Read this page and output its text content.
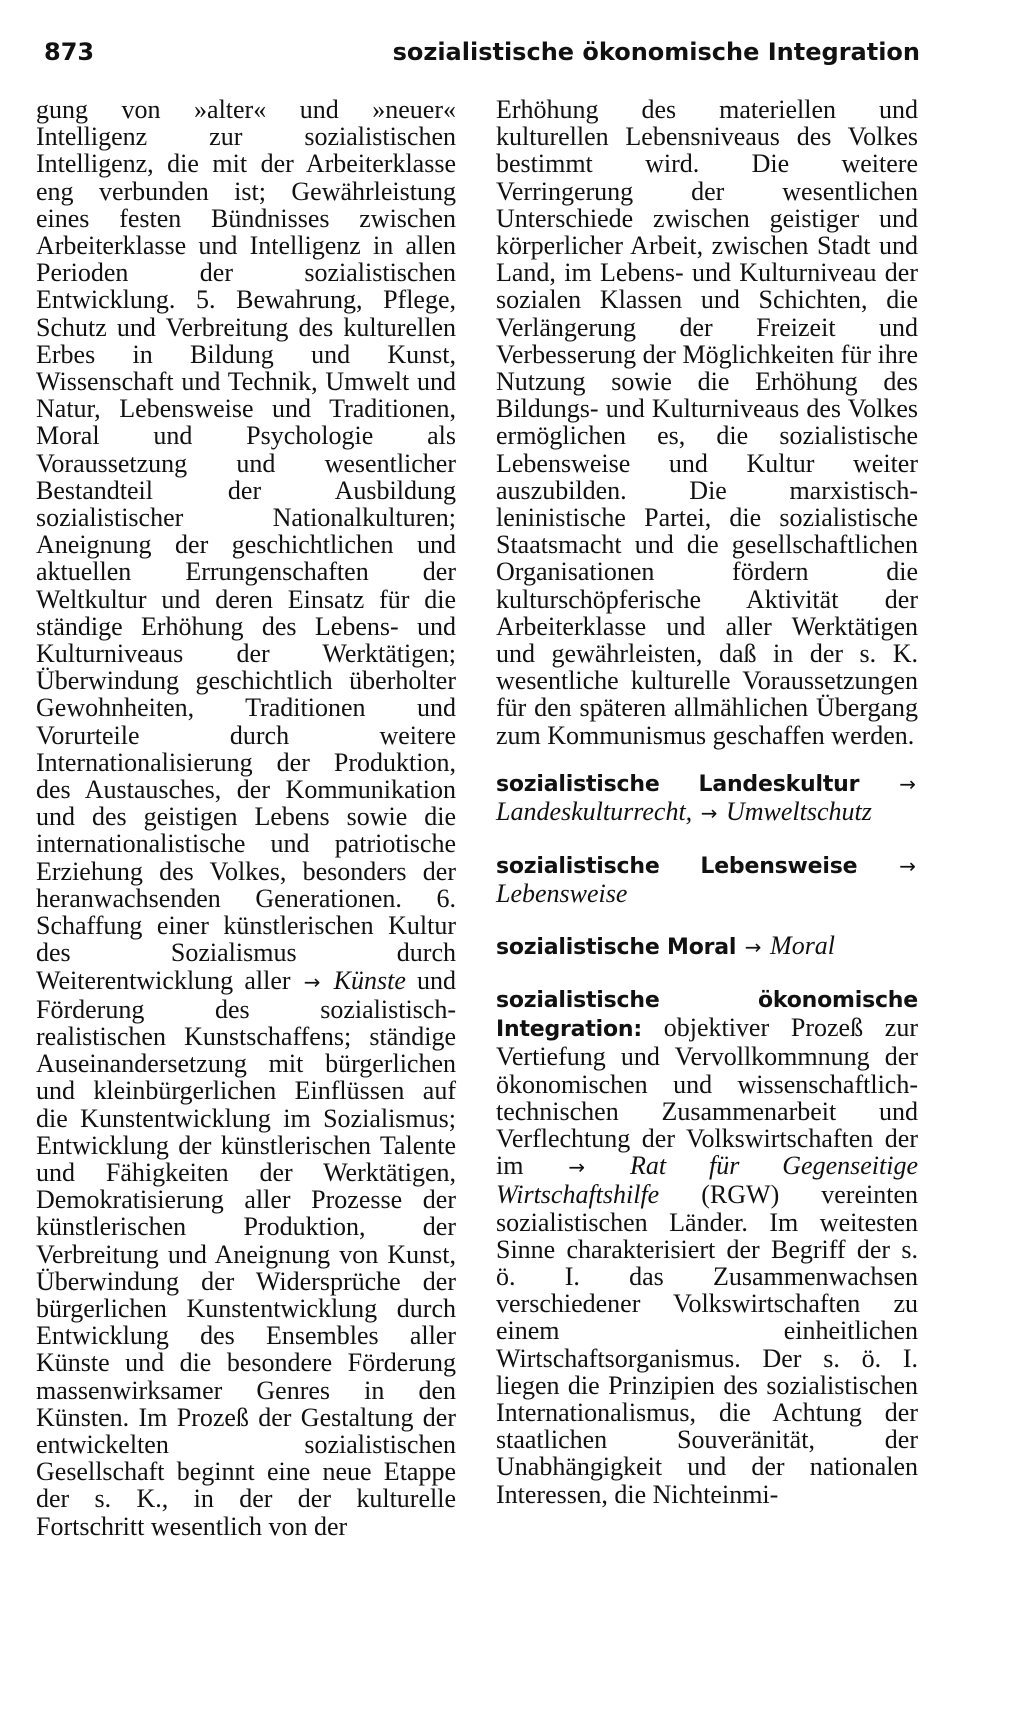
873	sozialistische ökonomische Integration

gung von »alter« und »neuer« Intelligenz zur sozialistischen Intelligenz, die mit der Arbeiterklasse eng verbunden ist; Gewährleistung eines festen Bündnisses zwischen Arbeiterklasse und Intelligenz in allen Perioden der sozialistischen Entwicklung. 5. Bewahrung, Pflege, Schutz und Verbreitung des kulturellen Erbes in Bildung und Kunst, Wissenschaft und Technik, Umwelt und Natur, Lebensweise und Traditionen, Moral und Psychologie als Voraussetzung und wesentlicher Bestandteil der Ausbildung sozialistischer Nationalkulturen; Aneignung der geschichtlichen und aktuellen Errungenschaften der Weltkultur und deren Einsatz für die ständige Erhöhung des Lebens- und Kulturniveaus der Werktätigen; Überwindung geschichtlich überholter Gewohnheiten, Traditionen und Vorurteile durch weitere Internationalisierung der Produktion, des Austausches, der Kommunikation und des geistigen Lebens sowie die internationalistische und patriotische Erziehung des Volkes, besonders der heranwachsenden Generationen. 6. Schaffung einer künstlerischen Kultur des Sozialismus durch Weiterentwicklung aller → Künste und Förderung des sozialistisch-realistischen Kunstschaffens; ständige Auseinandersetzung mit bürgerlichen und kleinbürgerlichen Einflüssen auf die Kunstentwicklung im Sozialismus; Entwicklung der künstlerischen Talente und Fähigkeiten der Werktätigen, Demokratisierung aller Prozesse der künstlerischen Produktion, der Verbreitung und Aneignung von Kunst, Überwindung der Widersprüche der bürgerlichen Kunstentwicklung durch Entwicklung des Ensembles aller Künste und die besondere Förderung massenwirksamer Genres in den Künsten. Im Prozeß der Gestaltung der entwickelten sozialistischen Gesellschaft beginnt eine neue Etappe der s. K., in der der kulturelle Fortschritt wesentlich von der

Erhöhung des materiellen und kulturellen Lebensniveaus des Volkes bestimmt wird. Die weitere Verringerung der wesentlichen Unterschiede zwischen geistiger und körperlicher Arbeit, zwischen Stadt und Land, im Lebens- und Kulturniveau der sozialen Klassen und Schichten, die Verlängerung der Freizeit und Verbesserung der Möglichkeiten für ihre Nutzung sowie die Erhöhung des Bildungs- und Kulturniveaus des Volkes ermöglichen es, die sozialistische Lebensweise und Kultur weiter auszubilden. Die marxistisch-leninistische Partei, die sozialistische Staatsmacht und die gesellschaftlichen Organisationen fördern die kulturschöpferische Aktivität der Arbeiterklasse und aller Werktätigen und gewährleisten, daß in der s. K. wesentliche kulturelle Voraussetzungen für den späteren allmählichen Übergang zum Kommunismus geschaffen werden.

sozialistische Landeskultur → Landeskulturrecht, → Umweltschutz

sozialistische Lebensweise → Lebensweise

sozialistische Moral → Moral

sozialistische ökonomische Integration: objektiver Prozeß zur Vertiefung und Vervollkommnung der ökonomischen und wissenschaftlich-technischen Zusammenarbeit und Verflechtung der Volkswirtschaften der im → Rat für Gegenseitige Wirtschaftshilfe (RGW) vereinten sozialistischen Länder. Im weitesten Sinne charakterisiert der Begriff der s. ö. I. das Zusammenwachsen verschiedener Volkswirtschaften zu einem einheitlichen Wirtschaftsorganismus. Der s. ö. I. liegen die Prinzipien des sozialistischen Internationalismus, die Achtung der staatlichen Souveränität, der Unabhängigkeit und der nationalen Interessen, die Nichteinmi-
